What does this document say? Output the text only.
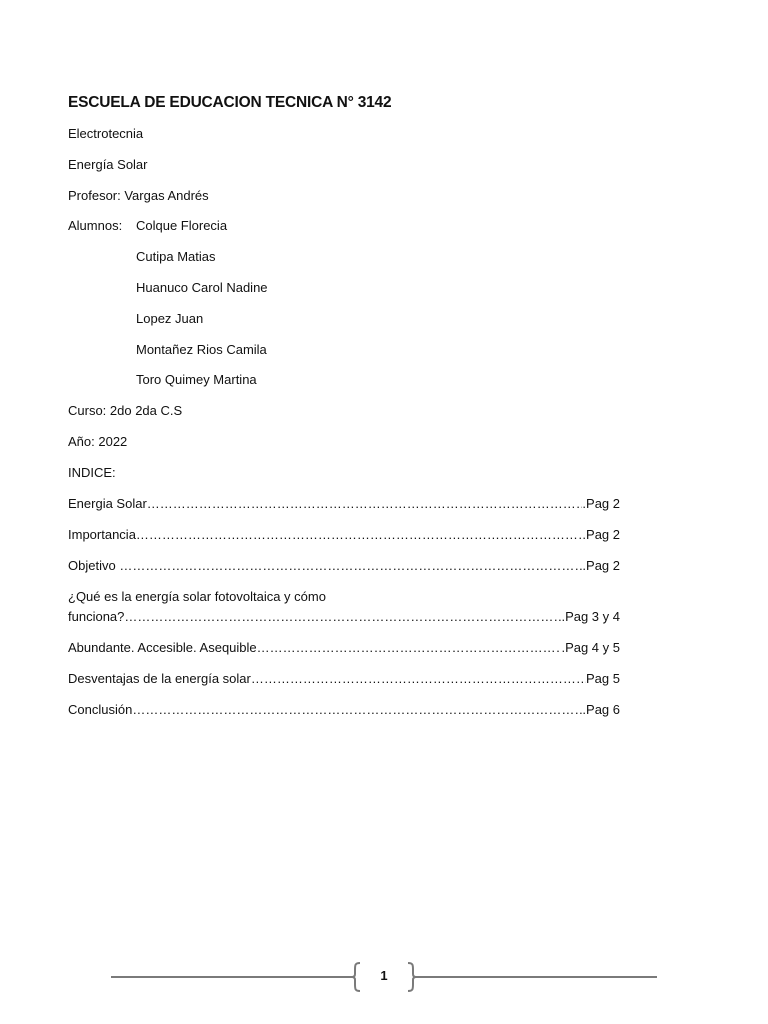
ESCUELA DE EDUCACION TECNICA N° 3142
Electrotecnia
Energía Solar
Profesor: Vargas Andrés
Alumnos:	Colque Florecia
Cutipa Matias
Huanuco Carol Nadine
Lopez Juan
Montañez Rios Camila
Toro Quimey Martina
Curso: 2do 2da C.S
Año: 2022
INDICE:
Energia Solar ………………………………………………………………………………………………………………………………………………………………………………………	.Pag 2
Importancia ………………………………………………………………………………………………………………………………………………………………………………………	.Pag 2
Objetivo ………………………………………………………………………………………………………………………………………………………………………………………	.Pag 2
¿Qué es la energía solar fotovoltaica y cómo
funciona? ………………………………………………………………………………………………………………………………………………………………………………………	.Pag 3 y 4
Abundante. Accesible. Asequible ………………………………………………………………………………………………………………………………………………………………………………………	.Pag 4 y 5
Desventajas de la energía solar ………………………………………………………………………………………………………………………………………………………………………………………	Pag 5
Conclusión ………………………………………………………………………………………………………………………………………………………………………………………	.Pag 6
1
